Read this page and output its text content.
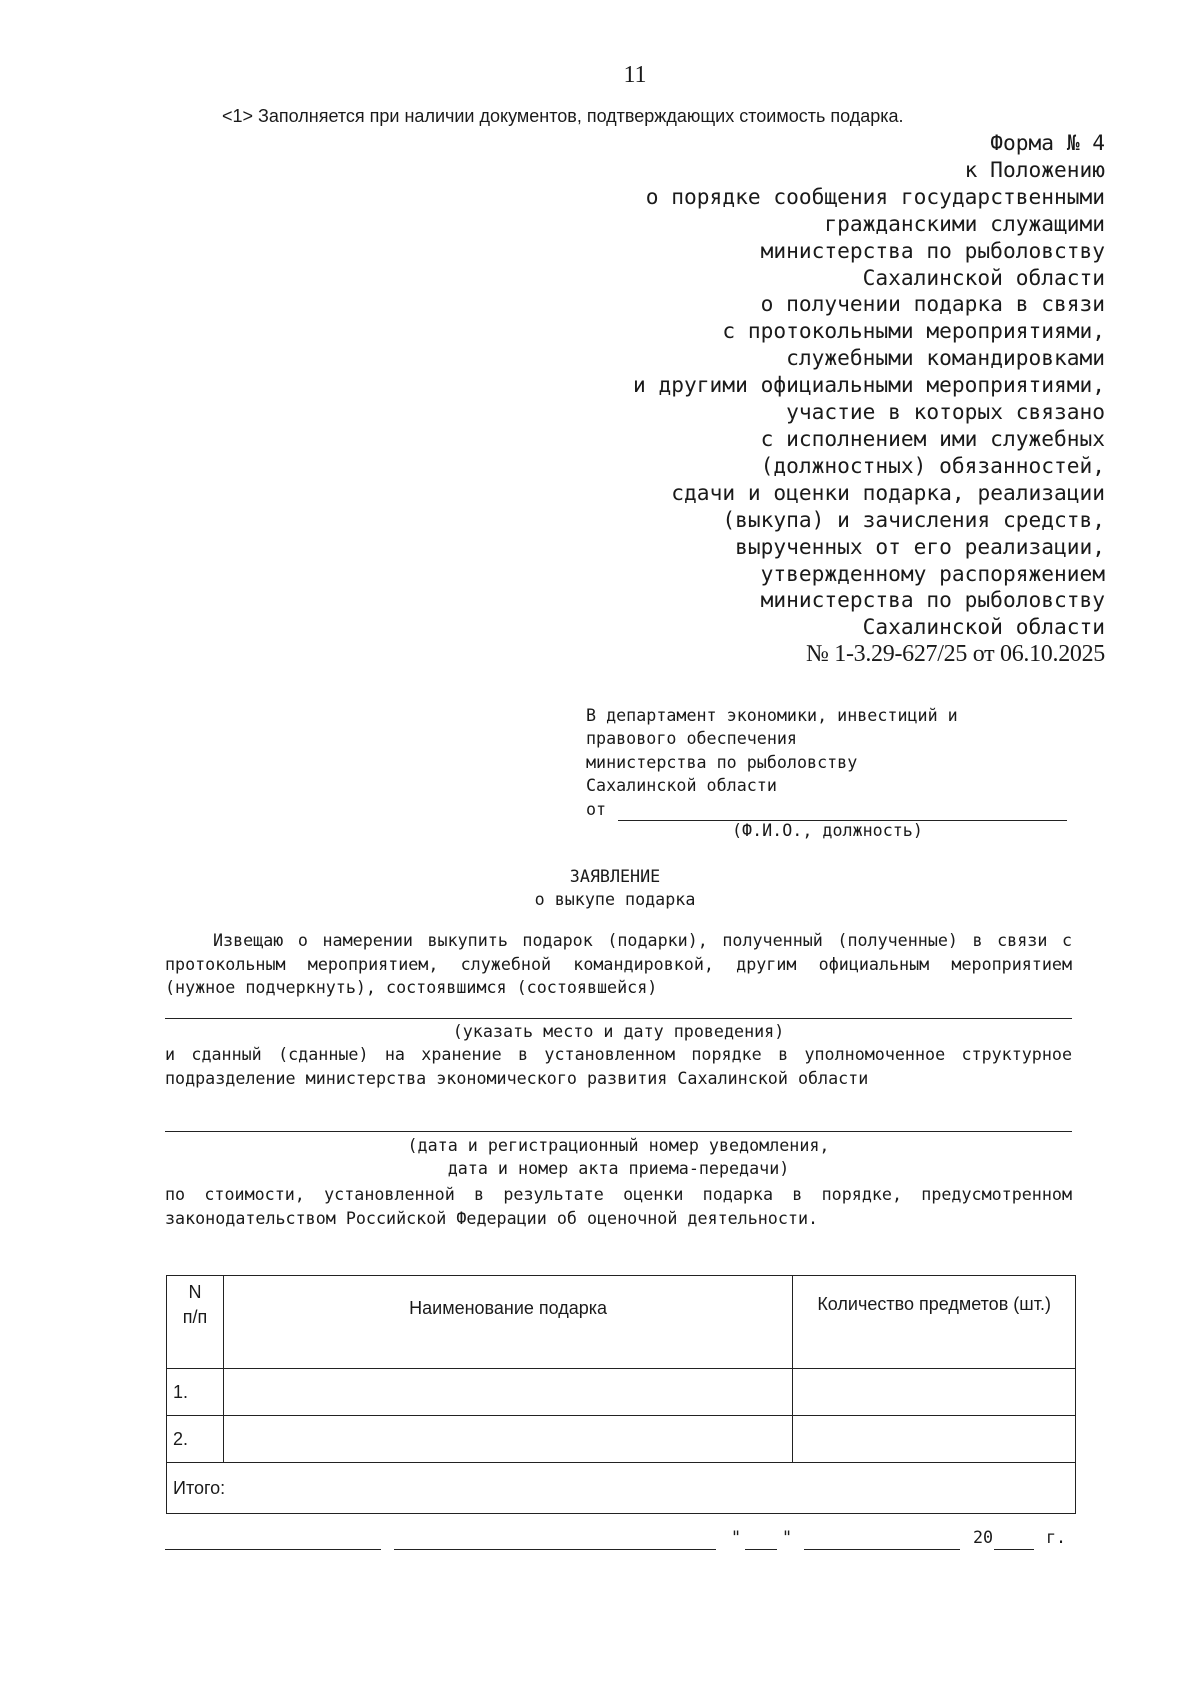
11
<1> Заполняется при наличии документов, подтверждающих стоимость подарка.
Форма № 4
к Положению
о порядке сообщения государственными
гражданскими служащими
министерства по рыболовству
Сахалинской области
о получении подарка в связи
с протокольными мероприятиями,
служебными командировками
и другими официальными мероприятиями,
участие в которых связано
с исполнением ими служебных
(должностных) обязанностей,
сдачи и оценки подарка, реализации
(выкупа) и зачисления средств,
вырученных от его реализации,
утвержденному распоряжением
министерства по рыболовству
Сахалинской области
№ 1-3.29-627/25 от 06.10.2025
В департамент экономики, инвестиций и
правового обеспечения
министерства по рыболовству
Сахалинской области
от
(Ф.И.О., должность)
ЗАЯВЛЕНИЕ
о выкупе подарка
Извещаю о намерении выкупить подарок (подарки), полученный (полученные) в связи с протокольным мероприятием, служебной командировкой, другим официальным мероприятием (нужное подчеркнуть), состоявшимся (состоявшейся)
(указать место и дату проведения)
и сданный (сданные) на хранение в установленном порядке в уполномоченное структурное подразделение министерства экономического развития Сахалинской области
(дата и регистрационный номер уведомления,
дата и номер акта приема-передачи)
по стоимости, установленной в результате оценки подарка в порядке, предусмотренном законодательством Российской Федерации об оценочной деятельности.
N
п/п	Наименование подарка	Количество предметов (шт.)
1.		
2.		
Итого:		
" "	20	г.
